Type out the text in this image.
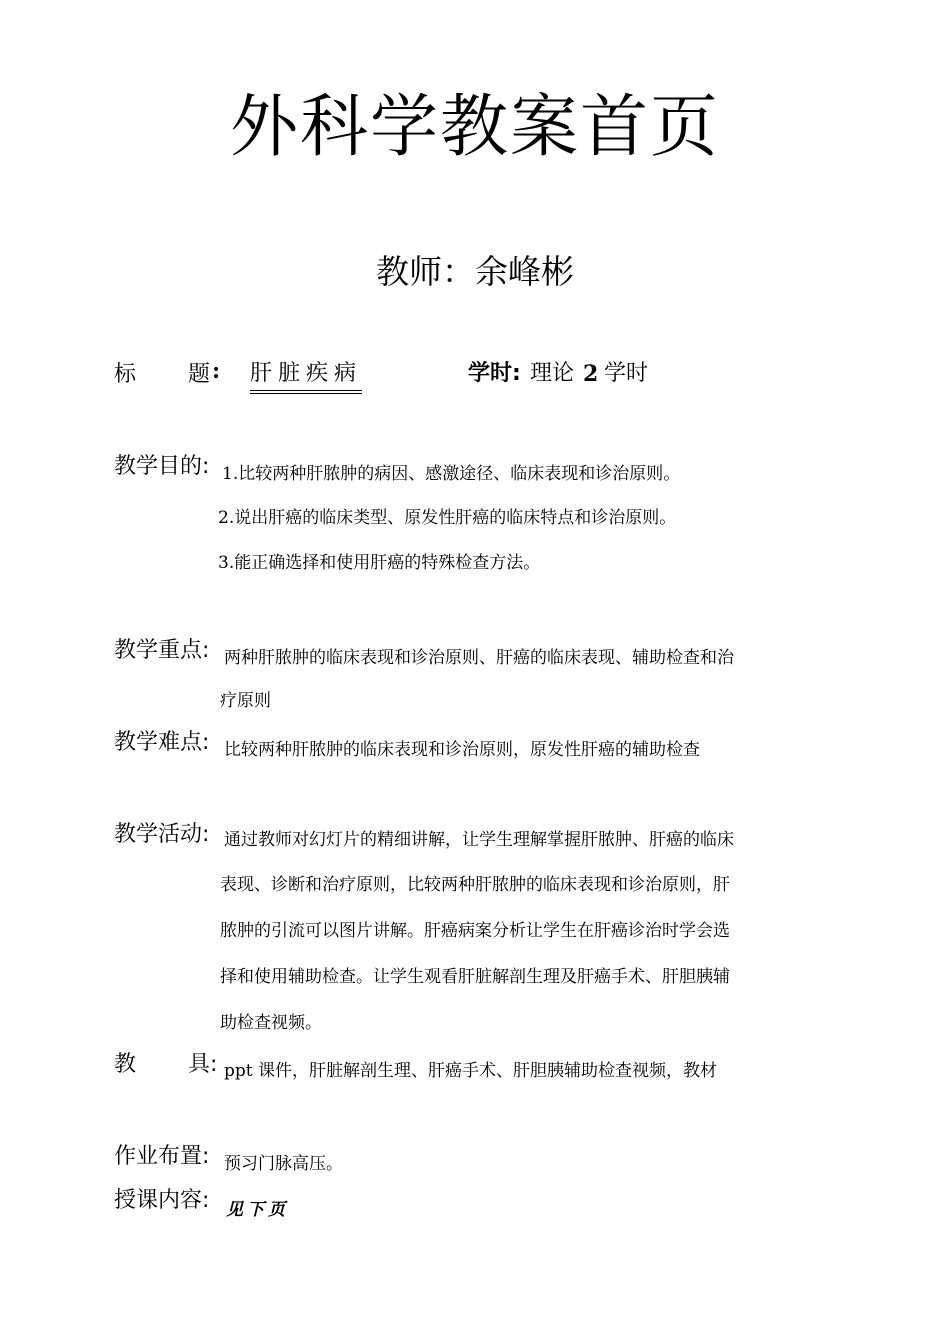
外科学教案首页
教师：余峰彬
标 题 : 肝脏疾病	学时: 理论 2 学时
教学目的: 1.比较两种肝脓肿的病因、感激途径、临床表现和诊治原则。
2.说出肝癌的临床类型、原发性肝癌的临床特点和诊治原则。
3.能正确选择和使用肝癌的特殊检查方法。
教学重点: 两种肝脓肿的临床表现和诊治原则、肝癌的临床表现、辅助检查和治
疗原则
教学难点: 比较两种肝脓肿的临床表现和诊治原则，原发性肝癌的辅助检查
教学活动: 通过教师对幻灯片的精细讲解，让学生理解掌握肝脓肿、肝癌的临床
表现、诊断和治疗原则，比较两种肝脓肿的临床表现和诊治原则，肝
脓肿的引流可以图片讲解。肝癌病案分析让学生在肝癌诊治时学会选
择和使用辅助检查。让学生观看肝脏解剖生理及肝癌手术、肝胆胰辅
助检查视频。
教 具: ppt 课件，肝脏解剖生理、肝癌手术、肝胆胰辅助检查视频，教材
作业布置: 预习门脉高压。
授课内容: 见下页
